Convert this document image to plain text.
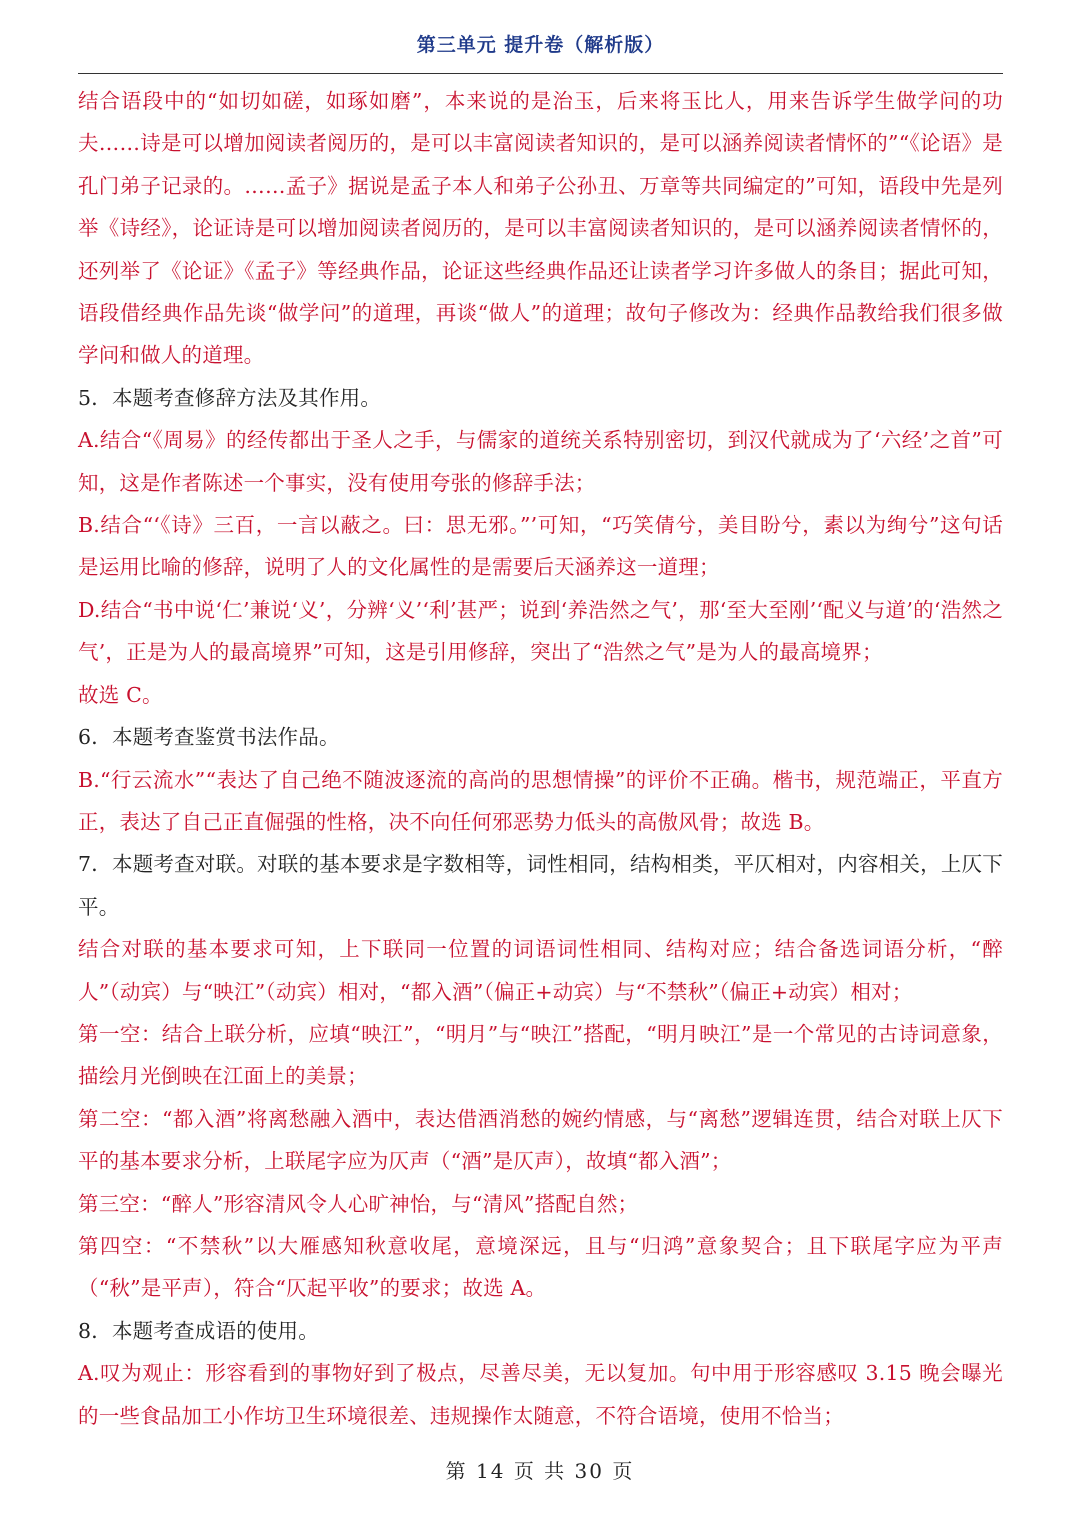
第三单元 提升卷（解析版）

结合语段中的“如切如磋，如琢如磨”，本来说的是治玉，后来将玉比人，用来告诉学生做学问的功夫……诗是可以增加阅读者阅历的，是可以丰富阅读者知识的，是可以涵养阅读者情怀的”“《论语》是孔门弟子记录的。……孟子》据说是孟子本人和弟子公孙丑、万章等共同编定的”可知，语段中先是列举《诗经》，论证诗是可以增加阅读者阅历的，是可以丰富阅读者知识的，是可以涵养阅读者情怀的，还列举了《论证》《孟子》等经典作品，论证这些经典作品还让读者学习许多做人的条目；据此可知，语段借经典作品先谈“做学问”的道理，再谈“做人”的道理；故句子修改为：经典作品教给我们很多做学问和做人的道理。

5．本题考查修辞方法及其作用。

A.结合“《周易》的经传都出于圣人之手，与儒家的道统关系特别密切，到汉代就成为了‘六经’之首”可知，这是作者陈述一个事实，没有使用夸张的修辞手法；

B.结合“‘《诗》三百，一言以蔽之。曰：思无邪。”’可知，“巧笑倩兮，美目盼兮，素以为绚兮”这句话是运用比喻的修辞，说明了人的文化属性的是需要后天涵养这一道理；

D.结合“书中说‘仁’兼说‘义’，分辨‘义’‘利’甚严；说到‘养浩然之气’，那‘至大至刚’‘配义与道’的‘浩然之气’，正是为人的最高境界”可知，这是引用修辞，突出了“浩然之气”是为人的最高境界；

故选 C。

6．本题考查鉴赏书法作品。

B.“行云流水”“表达了自己绝不随波逐流的高尚的思想情操”的评价不正确。楷书，规范端正，平直方正，表达了自己正直倔强的性格，决不向任何邪恶势力低头的高傲风骨；故选 B。

7．本题考查对联。对联的基本要求是字数相等，词性相同，结构相类，平仄相对，内容相关，上仄下平。

结合对联的基本要求可知，上下联同一位置的词语词性相同、结构对应；结合备选词语分析，“醉人”（动宾）与“映江”（动宾）相对，“都入酒”（偏正+动宾）与“不禁秋”（偏正+动宾）相对；

第一空：结合上联分析，应填“映江”，“明月”与“映江”搭配，“明月映江”是一个常见的古诗词意象，描绘月光倒映在江面上的美景；

第二空：“都入酒”将离愁融入酒中，表达借酒消愁的婉约情感，与“离愁”逻辑连贯，结合对联上仄下平的基本要求分析，上联尾字应为仄声（“酒”是仄声），故填“都入酒”；

第三空：“醉人”形容清风令人心旷神怡，与“清风”搭配自然；

第四空：“不禁秋”以大雁感知秋意收尾，意境深远，且与“归鸿”意象契合；且下联尾字应为平声（“秋”是平声），符合“仄起平收”的要求；故选 A。

8．本题考查成语的使用。

A.叹为观止：形容看到的事物好到了极点，尽善尽美，无以复加。句中用于形容感叹 3.15 晚会曝光的一些食品加工小作坊卫生环境很差、违规操作太随意，不符合语境，使用不恰当；

第 14 页 共 30 页
